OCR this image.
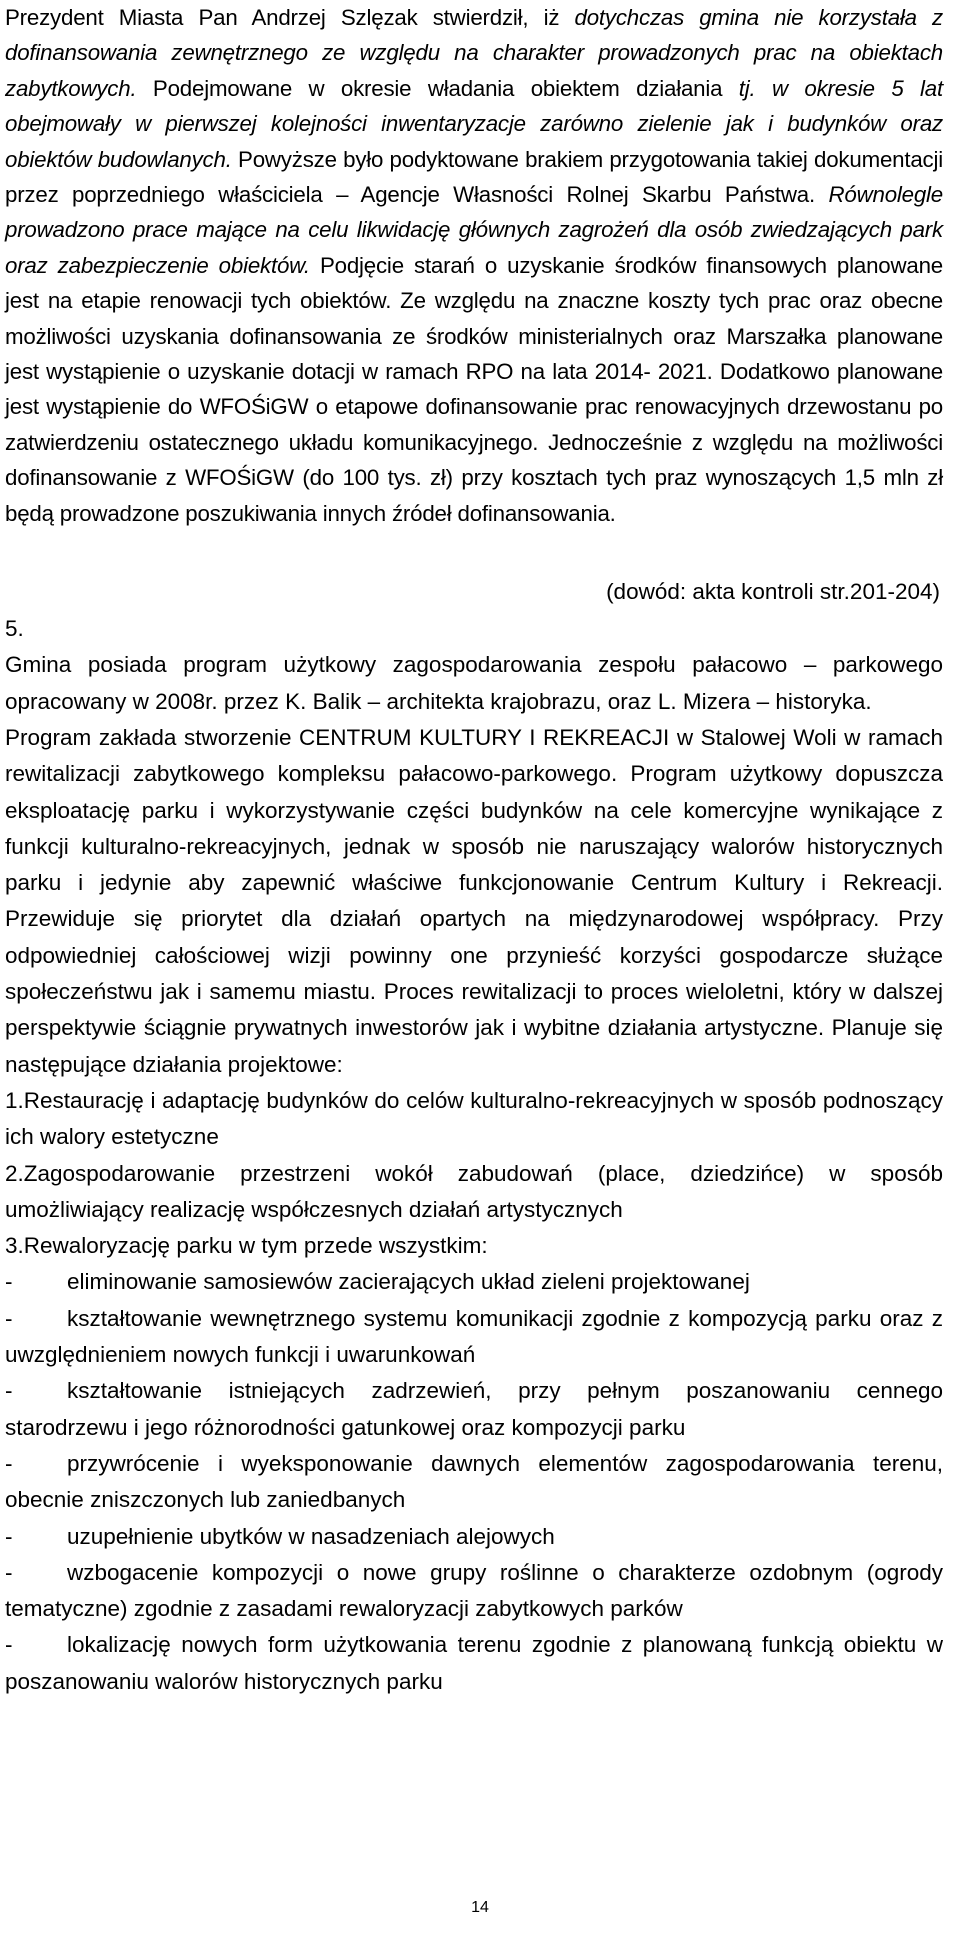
Prezydent Miasta Pan Andrzej Szlęzak stwierdził, iż dotychczas gmina nie korzystała z dofinansowania zewnętrznego ze względu na charakter prowadzonych prac na obiektach zabytkowych. Podejmowane w okresie władania obiektem działania tj. w okresie 5 lat obejmowały w pierwszej kolejności inwentaryzacje zarówno zielenie jak i budynków oraz obiektów budowlanych. Powyższe było podyktowane brakiem przygotowania takiej dokumentacji przez poprzedniego właściciela – Agencje Własności Rolnej Skarbu Państwa. Równolegle prowadzono prace mające na celu likwidację głównych zagrożeń dla osób zwiedzających park oraz zabezpieczenie obiektów. Podjęcie starań o uzyskanie środków finansowych planowane jest na etapie renowacji tych obiektów. Ze względu na znaczne koszty tych prac oraz obecne możliwości uzyskania dofinansowania ze środków ministerialnych oraz Marszałka planowane jest wystąpienie o uzyskanie dotacji w ramach RPO na lata 2014- 2021. Dodatkowo planowane jest wystąpienie do WFOŚiGW o etapowe dofinansowanie prac renowacyjnych drzewostanu po zatwierdzeniu ostatecznego układu komunikacyjnego. Jednocześnie z względu na możliwości dofinansowanie z WFOŚiGW (do 100 tys. zł) przy kosztach tych praz wynoszących 1,5 mln zł będą prowadzone poszukiwania innych źródeł dofinansowania.

(dowód: akta kontroli str.201-204)

5.

Gmina posiada program użytkowy zagospodarowania zespołu pałacowo – parkowego opracowany w 2008r. przez K. Balik – architekta krajobrazu, oraz L. Mizera – historyka.

Program zakłada stworzenie CENTRUM KULTURY I REKREACJI w Stalowej Woli w ramach rewitalizacji zabytkowego kompleksu pałacowo-parkowego. Program użytkowy dopuszcza eksploatację parku i wykorzystywanie części budynków na cele komercyjne wynikające z funkcji kulturalno-rekreacyjnych, jednak w sposób nie naruszający walorów historycznych parku i jedynie aby zapewnić właściwe funkcjonowanie Centrum Kultury i Rekreacji. Przewiduje się priorytet dla działań opartych na międzynarodowej współpracy. Przy odpowiedniej całościowej wizji powinny one przynieść korzyści gospodarcze służące społeczeństwu jak i samemu miastu. Proces rewitalizacji to proces wieloletni, który w dalszej perspektywie ściągnie prywatnych inwestorów jak i wybitne działania artystyczne. Planuje się następujące działania projektowe:

1.Restaurację i adaptację budynków do celów kulturalno-rekreacyjnych w sposób podnoszący ich walory estetyczne

2.Zagospodarowanie przestrzeni wokół zabudowań (place, dziedzińce) w sposób umożliwiający realizację współczesnych działań artystycznych

3.Rewaloryzację parku w tym przede wszystkim:

- eliminowanie samosiewów zacierających układ zieleni projektowanej

- kształtowanie wewnętrznego systemu komunikacji zgodnie z kompozycją parku oraz z uwzględnieniem nowych funkcji i uwarunkowań

- kształtowanie istniejących zadrzewień, przy pełnym poszanowaniu cennego starodrzewu i jego różnorodności gatunkowej oraz kompozycji parku

- przywrócenie i wyeksponowanie dawnych elementów zagospodarowania terenu, obecnie zniszczonych lub zaniedbanych

- uzupełnienie ubytków w nasadzeniach alejowych

- wzbogacenie kompozycji o nowe grupy roślinne o charakterze ozdobnym (ogrody tematyczne) zgodnie z zasadami rewaloryzacji zabytkowych parków

- lokalizację nowych form użytkowania terenu zgodnie z planowaną funkcją obiektu w poszanowaniu walorów historycznych parku

14
